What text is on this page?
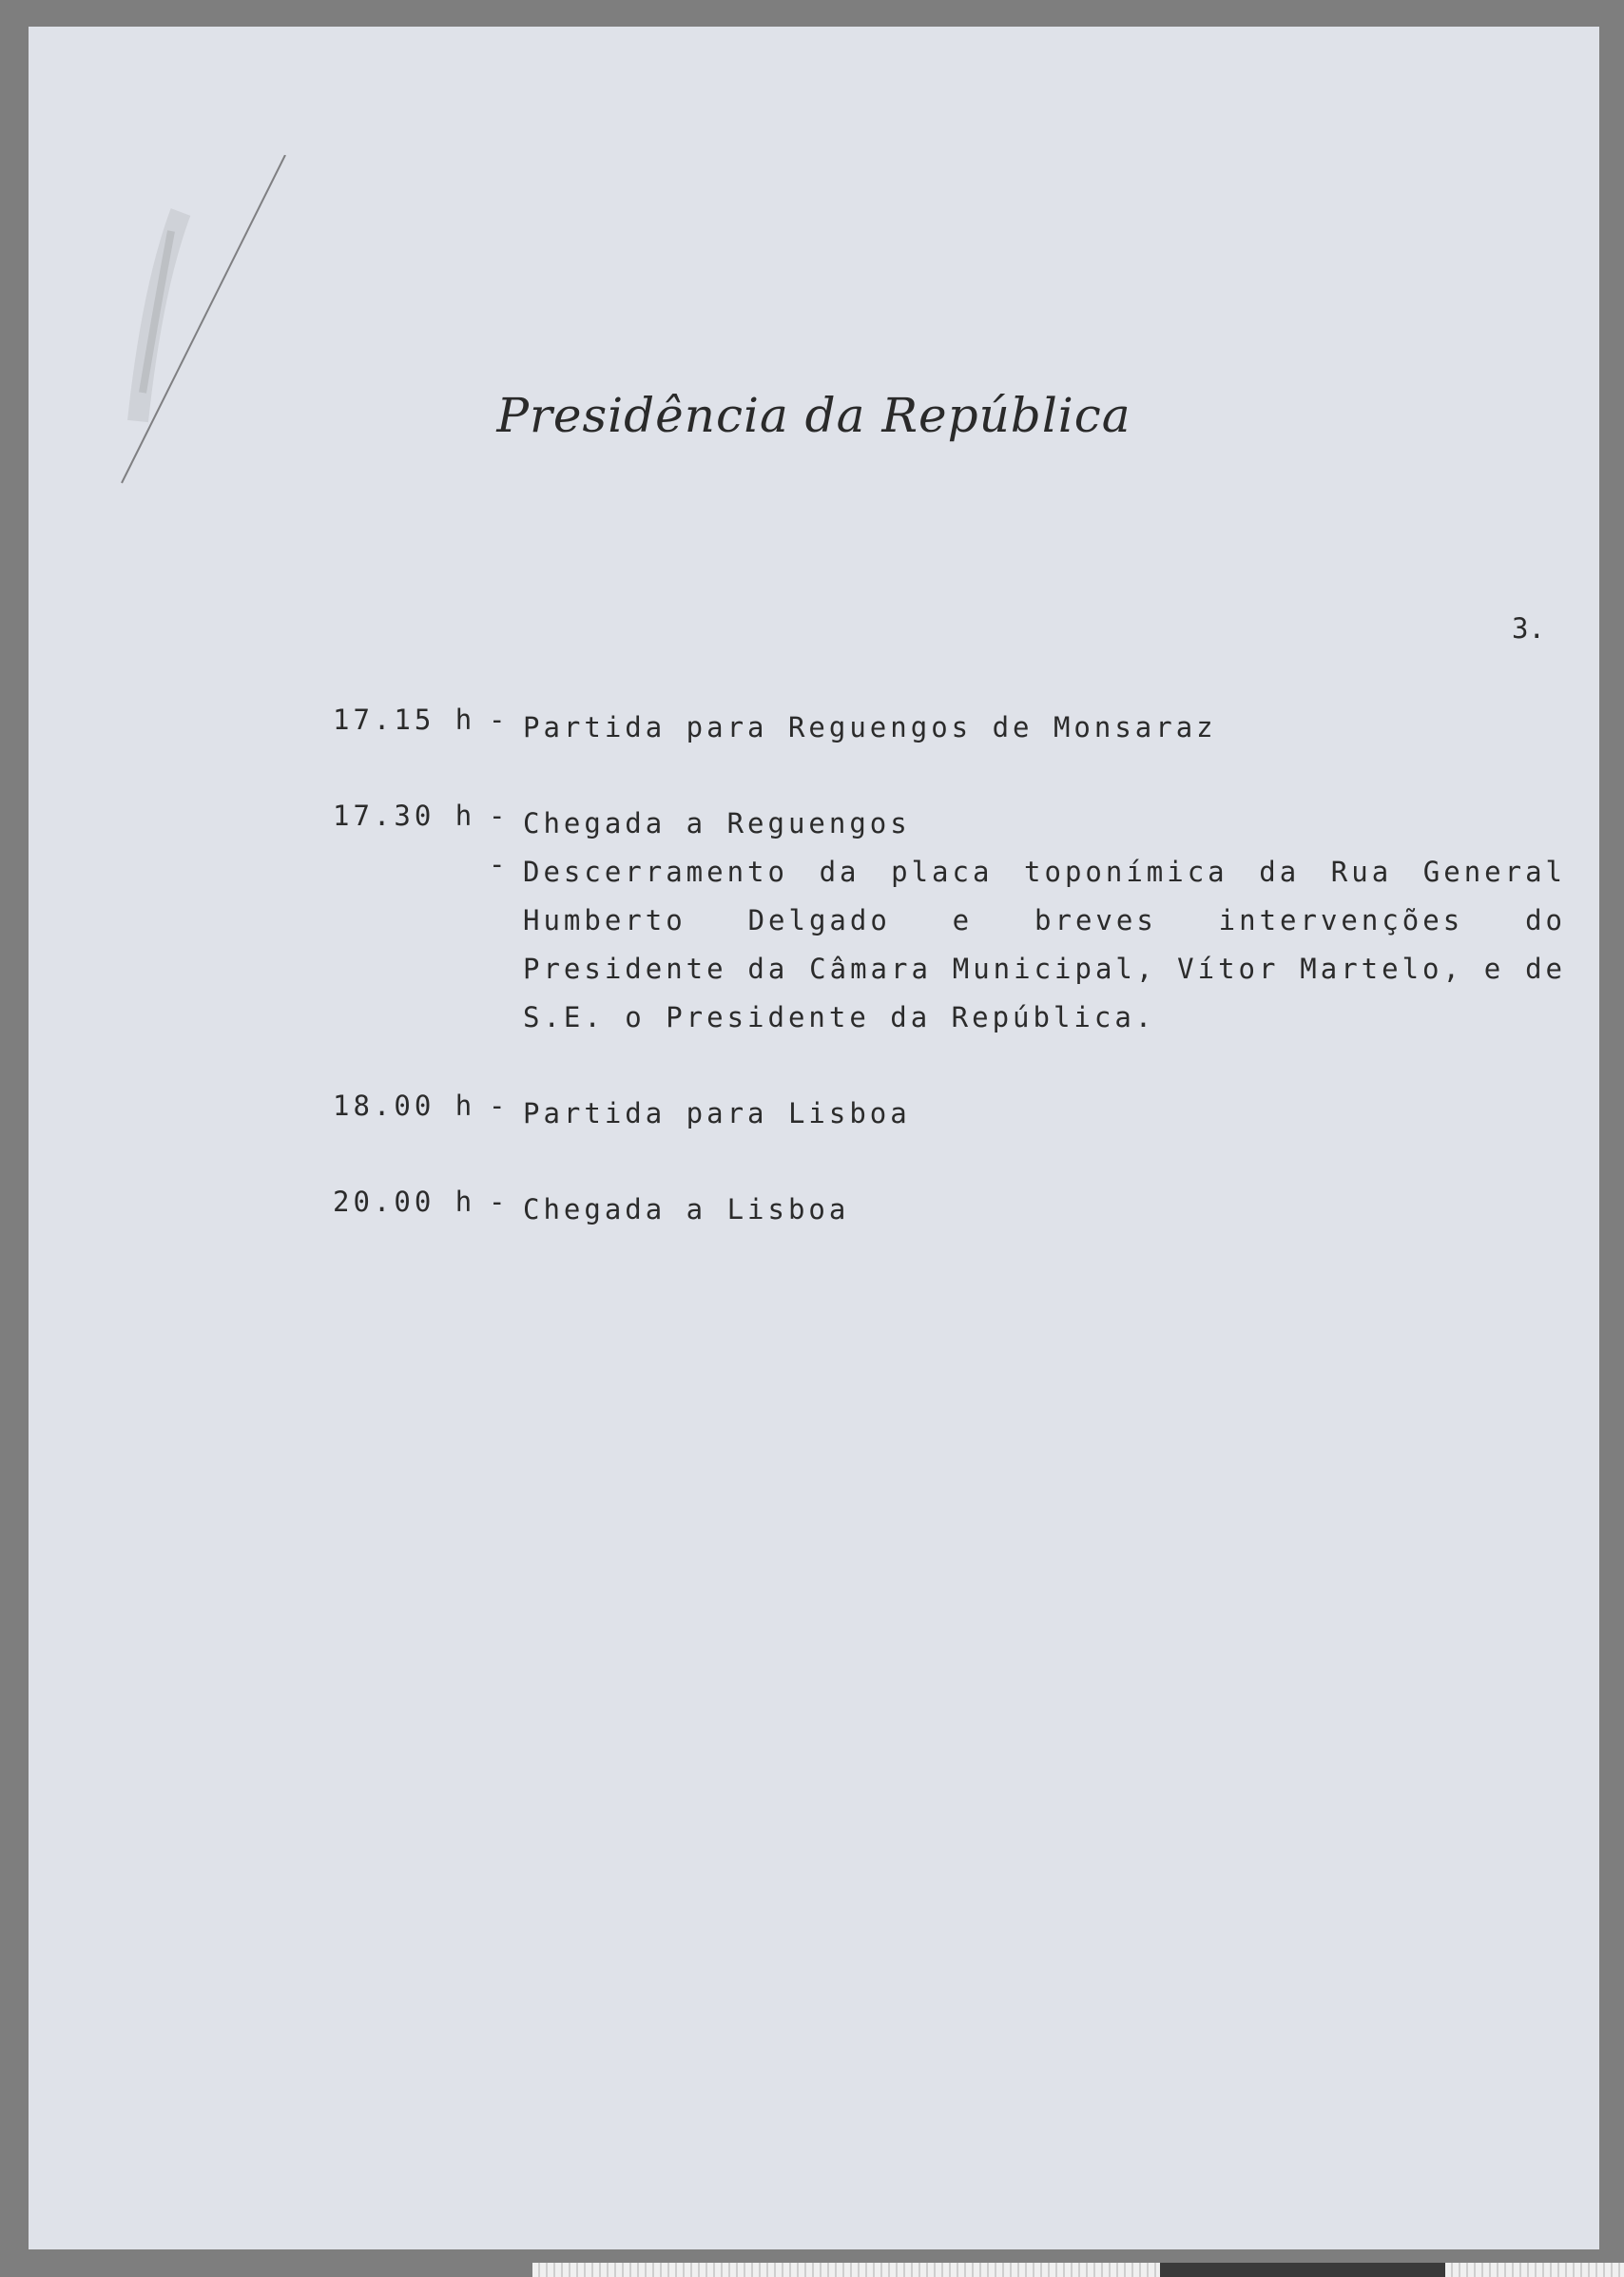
Presidência da República
3.
17.15 h - Partida para Reguengos de Monsaraz
17.30 h - Chegada a Reguengos
- Descerramento da placa toponímica da Rua General Humberto Delgado e breves intervenções do Presidente da Câmara Municipal, Vítor Martelo, e de S.E. o Presidente da República.
18.00 h - Partida para Lisboa
20.00 h - Chegada a Lisboa
